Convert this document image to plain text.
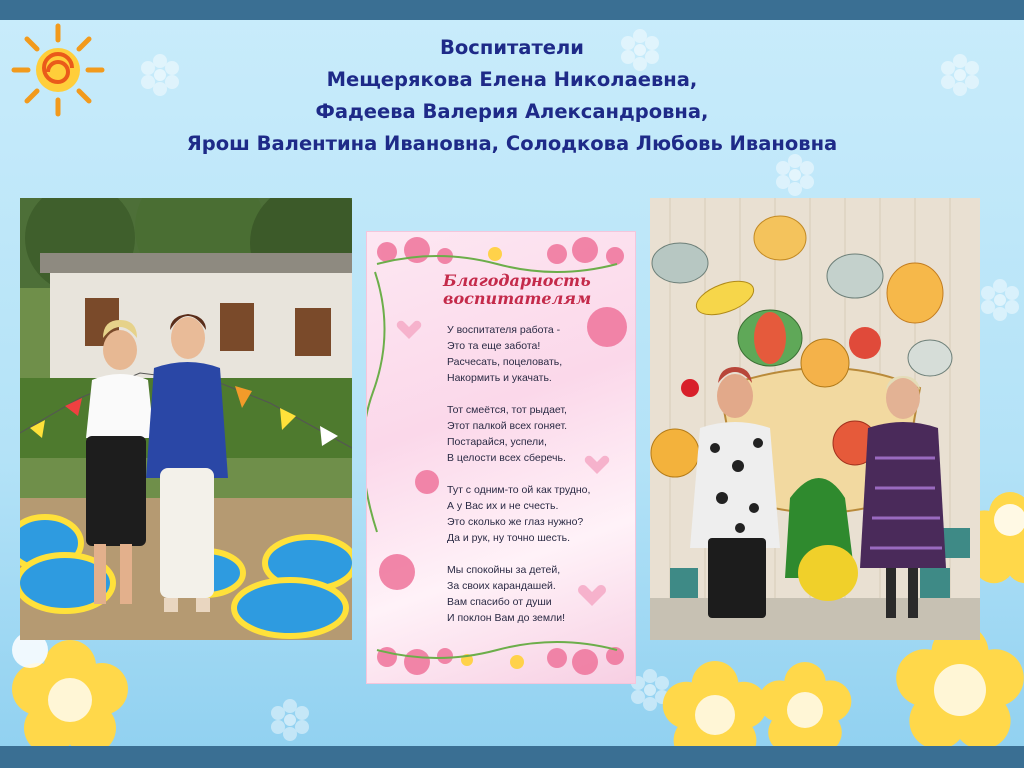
Воспитатели
Мещерякова Елена Николаевна,
Фадеева Валерия Александровна,
Ярош Валентина Ивановна, Солодкова Любовь Ивановна
Благодарность
воспитателям
У воспитателя работа -
Это та еще забота!
Расчесать, поцеловать,
Накормить и укачать.
Тот смеётся, тот рыдает,
Этот палкой всех гоняет.
Постарайся, успели,
В целости всех сберечь.
Тут с одним-то ой как трудно,
А у Вас их и не счесть.
Это сколько же глаз нужно?
Да и рук, ну точно шесть.
Мы спокойны за детей,
За своих карандашей.
Вам спасибо от души
И поклон Вам до земли!
